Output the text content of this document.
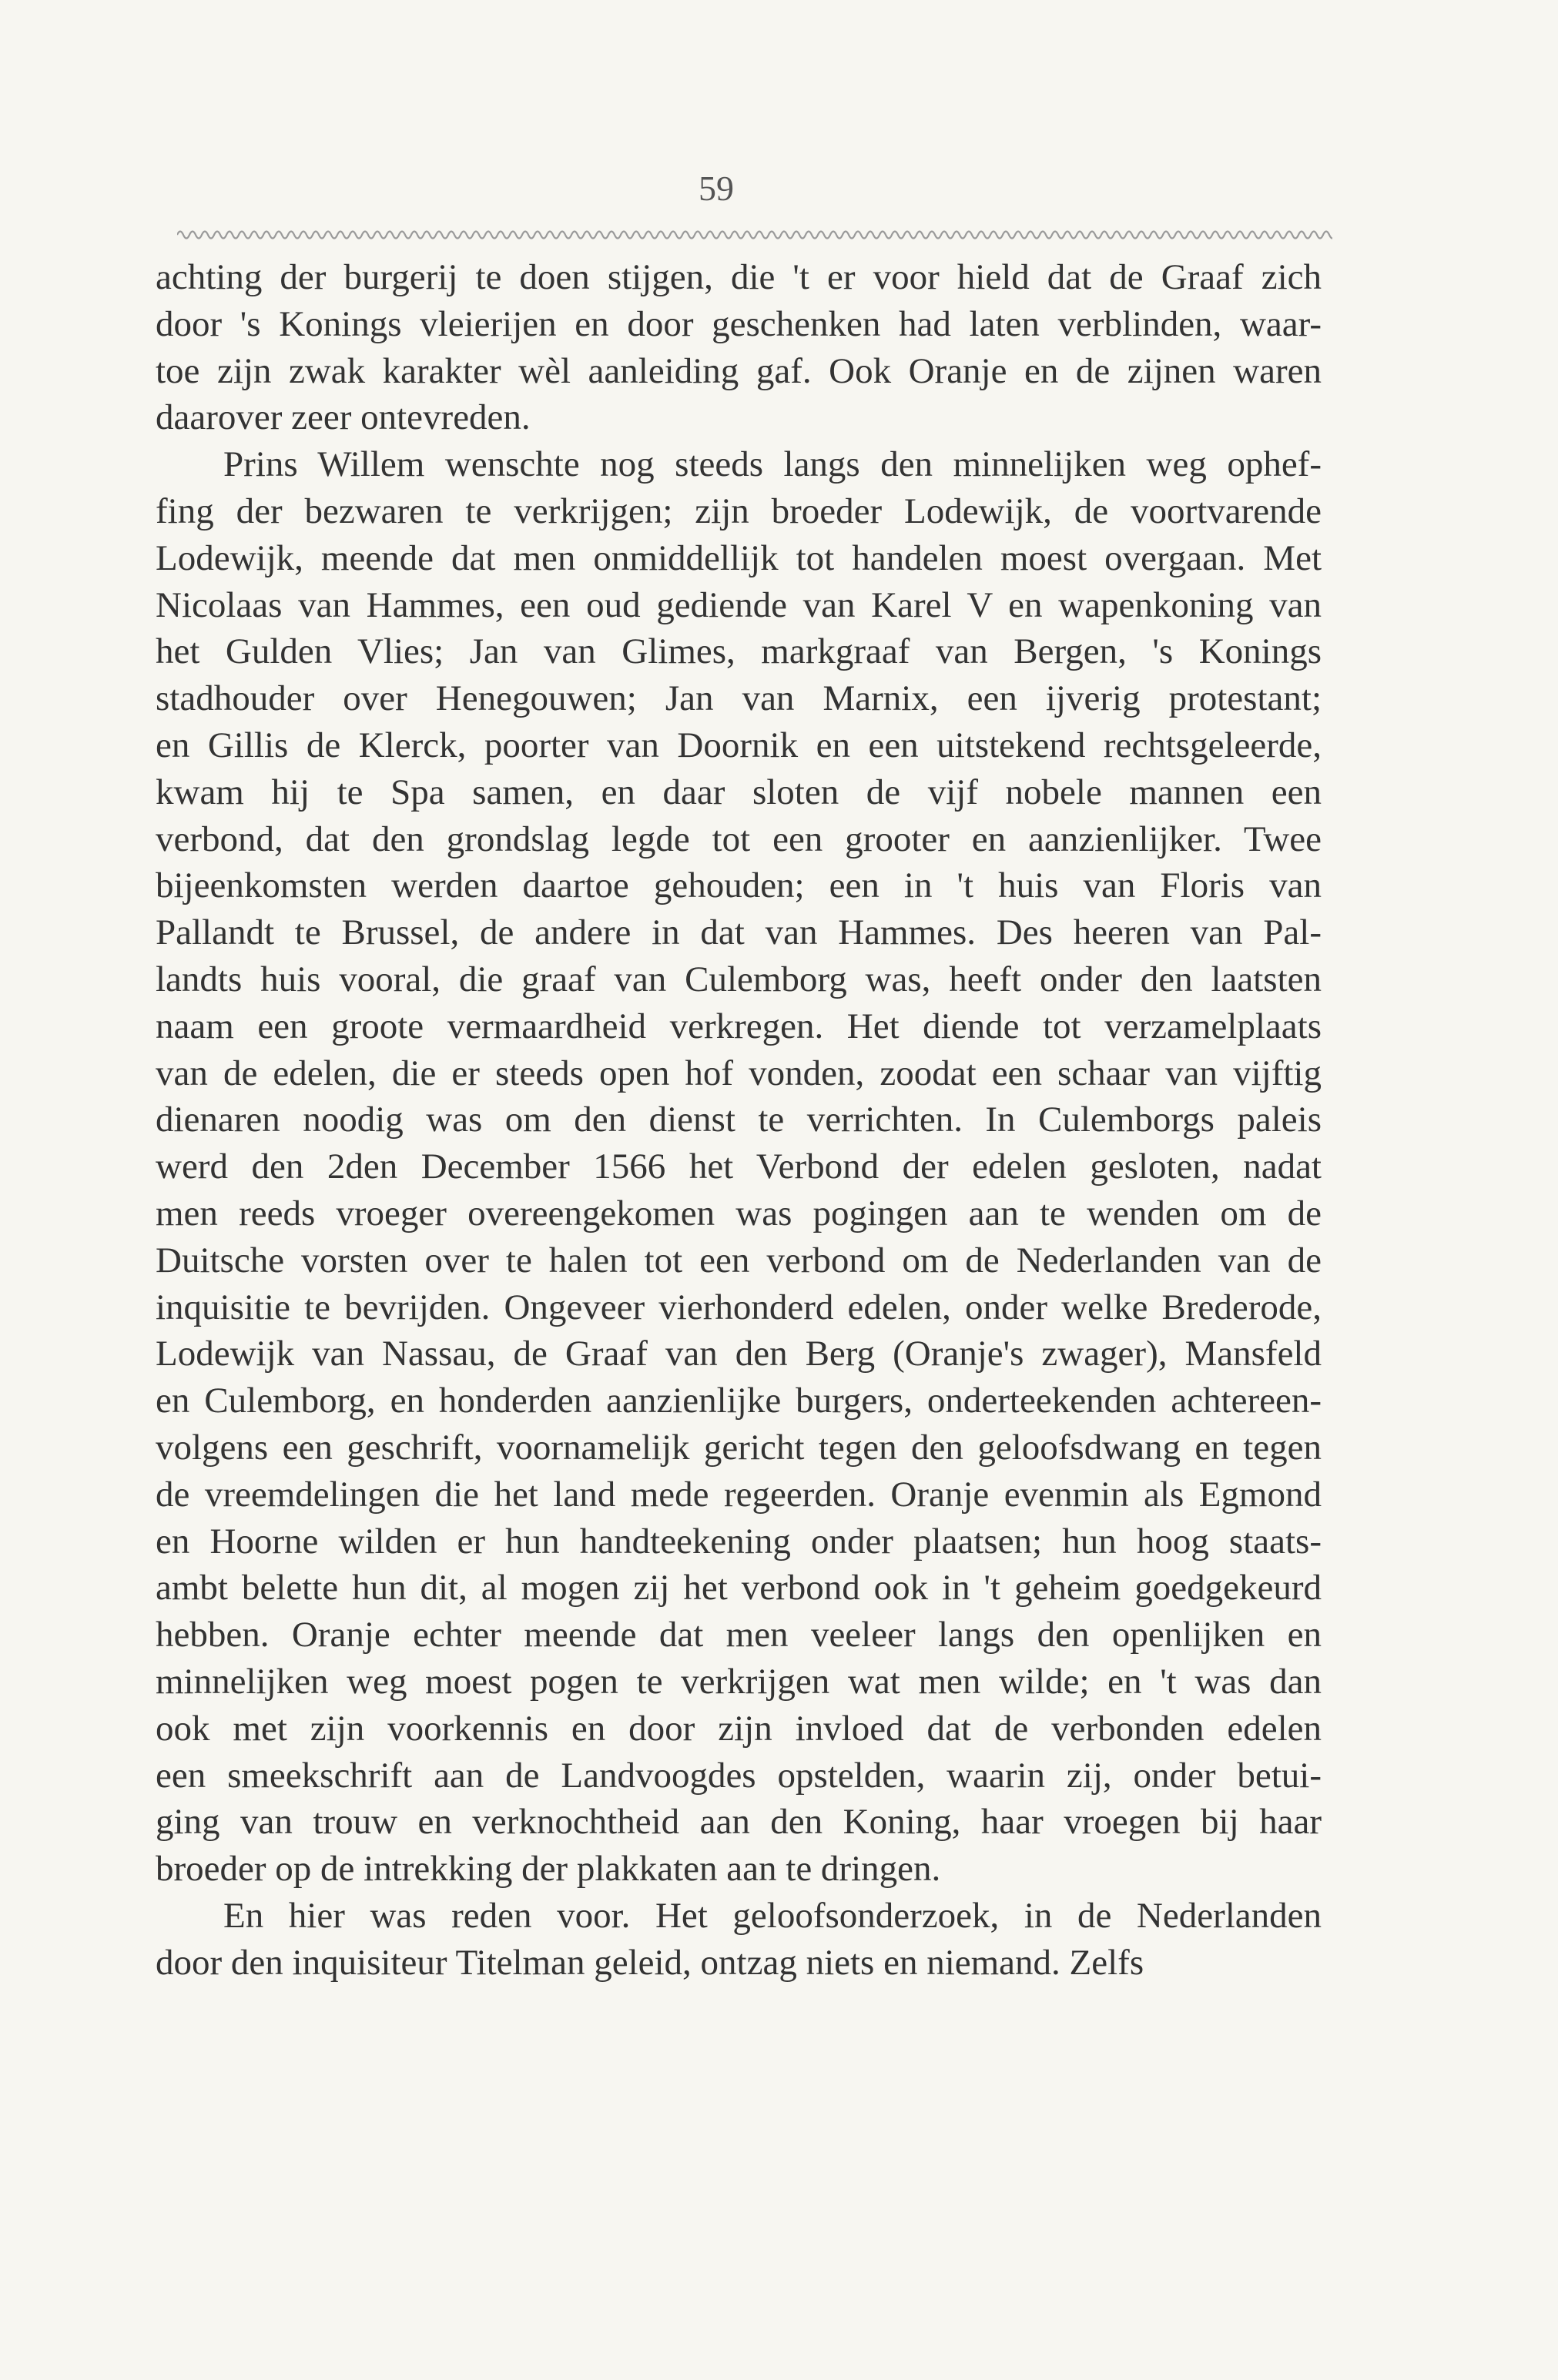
59
achting der burgerij te doen stijgen, die 't er voor hield dat de Graaf zich
door 's Konings vleierijen en door geschenken had laten verblinden, waar-
toe zijn zwak karakter wèl aanleiding gaf. Ook Oranje en de zijnen waren
daarover zeer ontevreden.
Prins Willem wenschte nog steeds langs den minnelijken weg ophef-
fing der bezwaren te verkrijgen; zijn broeder Lodewijk, de voortvarende
Lodewijk, meende dat men onmiddellijk tot handelen moest overgaan. Met
Nicolaas van Hammes, een oud gediende van Karel V en wapenkoning van
het Gulden Vlies; Jan van Glimes, markgraaf van Bergen, 's Konings
stadhouder over Henegouwen; Jan van Marnix, een ijverig protestant;
en Gillis de Klerck, poorter van Doornik en een uitstekend rechtsgeleerde,
kwam hij te Spa samen, en daar sloten de vijf nobele mannen een
verbond, dat den grondslag legde tot een grooter en aanzienlijker. Twee
bijeenkomsten werden daartoe gehouden; een in 't huis van Floris van
Pallandt te Brussel, de andere in dat van Hammes. Des heeren van Pal-
landts huis vooral, die graaf van Culemborg was, heeft onder den laatsten
naam een groote vermaardheid verkregen. Het diende tot verzamelplaats
van de edelen, die er steeds open hof vonden, zoodat een schaar van vijftig
dienaren noodig was om den dienst te verrichten. In Culemborgs paleis
werd den 2den December 1566 het Verbond der edelen gesloten, nadat
men reeds vroeger overeengekomen was pogingen aan te wenden om de
Duitsche vorsten over te halen tot een verbond om de Nederlanden van de
inquisitie te bevrijden. Ongeveer vierhonderd edelen, onder welke Brederode,
Lodewijk van Nassau, de Graaf van den Berg (Oranje's zwager), Mansfeld
en Culemborg, en honderden aanzienlijke burgers, onderteekenden achtereen-
volgens een geschrift, voornamelijk gericht tegen den geloofsdwang en tegen
de vreemdelingen die het land mede regeerden. Oranje evenmin als Egmond
en Hoorne wilden er hun handteekening onder plaatsen; hun hoog staats-
ambt belette hun dit, al mogen zij het verbond ook in 't geheim goedgekeurd
hebben. Oranje echter meende dat men veeleer langs den openlijken en
minnelijken weg moest pogen te verkrijgen wat men wilde; en 't was dan
ook met zijn voorkennis en door zijn invloed dat de verbonden edelen
een smeekschrift aan de Landvoogdes opstelden, waarin zij, onder betui-
ging van trouw en verknochtheid aan den Koning, haar vroegen bij haar
broeder op de intrekking der plakkaten aan te dringen.
En hier was reden voor. Het geloofsonderzoek, in de Nederlanden
door den inquisiteur Titelman geleid, ontzag niets en niemand. Zelfs
